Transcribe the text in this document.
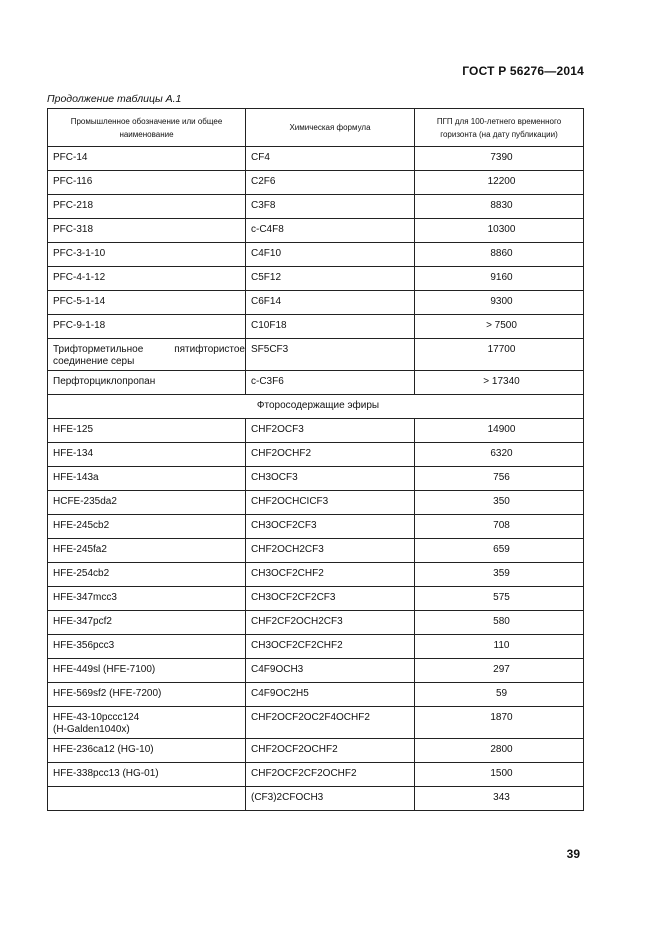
ГОСТ Р 56276—2014
Продолжение таблицы А.1
Промышленное обозначение или общее наименование	Химическая формула	ПГП для 100-летнего временного горизонта (на дату публикации)
PFC-14	CF4	7390
PFC-116	C2F6	12200
PFC-218	C3F8	8830
PFC-318	c-C4F8	10300
PFC-3-1-10	C4F10	8860
PFC-4-1-12	C5F12	9160
PFC-5-1-14	C6F14	9300
PFC-9-1-18	C10F18	> 7500

Трифторметильное пятифтористое
соединение серы	SF5CF3	17700
Перфторциклопропан	c-C3F6	> 17340
Фторосодержащие эфиры		
HFE-125	CHF2OCF3	14900
HFE-134	CHF2OCHF2	6320
HFE-143a	CH3OCF3	756
HCFE-235da2	CHF2OCHCICF3	350
HFE-245cb2	CH3OCF2CF3	708
HFE-245fa2	CHF2OCH2CF3	659
HFE-254cb2	CH3OCF2CHF2	359
HFE-347mcc3	CH3OCF2CF2CF3	575
HFE-347pcf2	CHF2CF2OCH2CF3	580
HFE-356pcc3	CH3OCF2CF2CHF2	110
HFE-449sl (HFE-7100)	C4F9OCH3	297
HFE-569sf2 (HFE-7200)	C4F9OC2H5	59

HFE-43-10pccc124
(H-Galden1040x)	CHF2OCF2OC2F4OCHF2	1870
HFE-236ca12 (HG-10)	CHF2OCF2OCHF2	2800
HFE-338pcc13 (HG-01)	CHF2OCF2CF2OCHF2	1500
	(CF3)2CFOCH3	343
39
